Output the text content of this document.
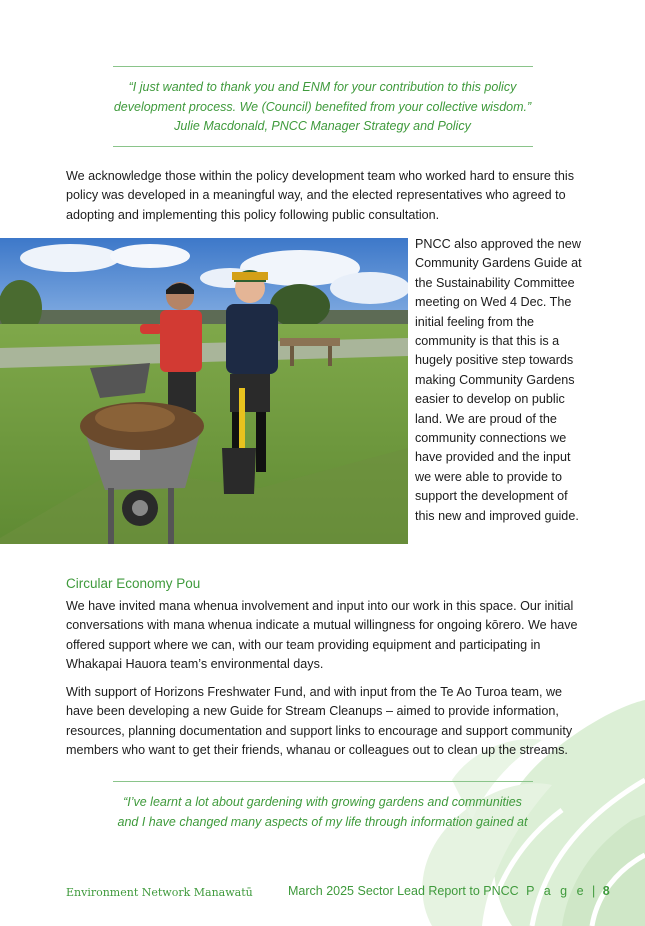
“I just wanted to thank you and ENM for your contribution to this policy
development process. We (Council) benefited from your collective wisdom.”
Julie Macdonald, PNCC Manager Strategy and Policy
We acknowledge those within the policy development team who worked hard to ensure this policy was developed in a meaningful way, and the elected representatives who agreed to adopting and implementing this policy following public consultation.
PNCC also approved the new Community Gardens Guide at the Sustainability Committee meeting on Wed 4 Dec. The initial feeling from the community is that this is a hugely positive step towards making Community Gardens easier to develop on public land. We are proud of the community connections we have provided and the input we were able to provide to support the development of this new and improved guide.
Circular Economy Pou
We have invited mana whenua involvement and input into our work in this space. Our initial conversations with mana whenua indicate a mutual willingness for ongoing kōrero. We have offered support where we can, with our team providing equipment and participating in Whakapai Hauora team’s environmental days.
With support of Horizons Freshwater Fund, and with input from the Te Ao Turoa team, we have been developing a new Guide for Stream Cleanups – aimed to provide information, resources, planning documentation and support links to encourage and support community members who want to get their friends, whanau or colleagues out to clean up the streams.
“I’ve learnt a lot about gardening with growing gardens and communities
and I have changed many aspects of my life through information gained at
Environment Network Manawatū	March 2025 Sector Lead Report to PNCC P a g e | 8
